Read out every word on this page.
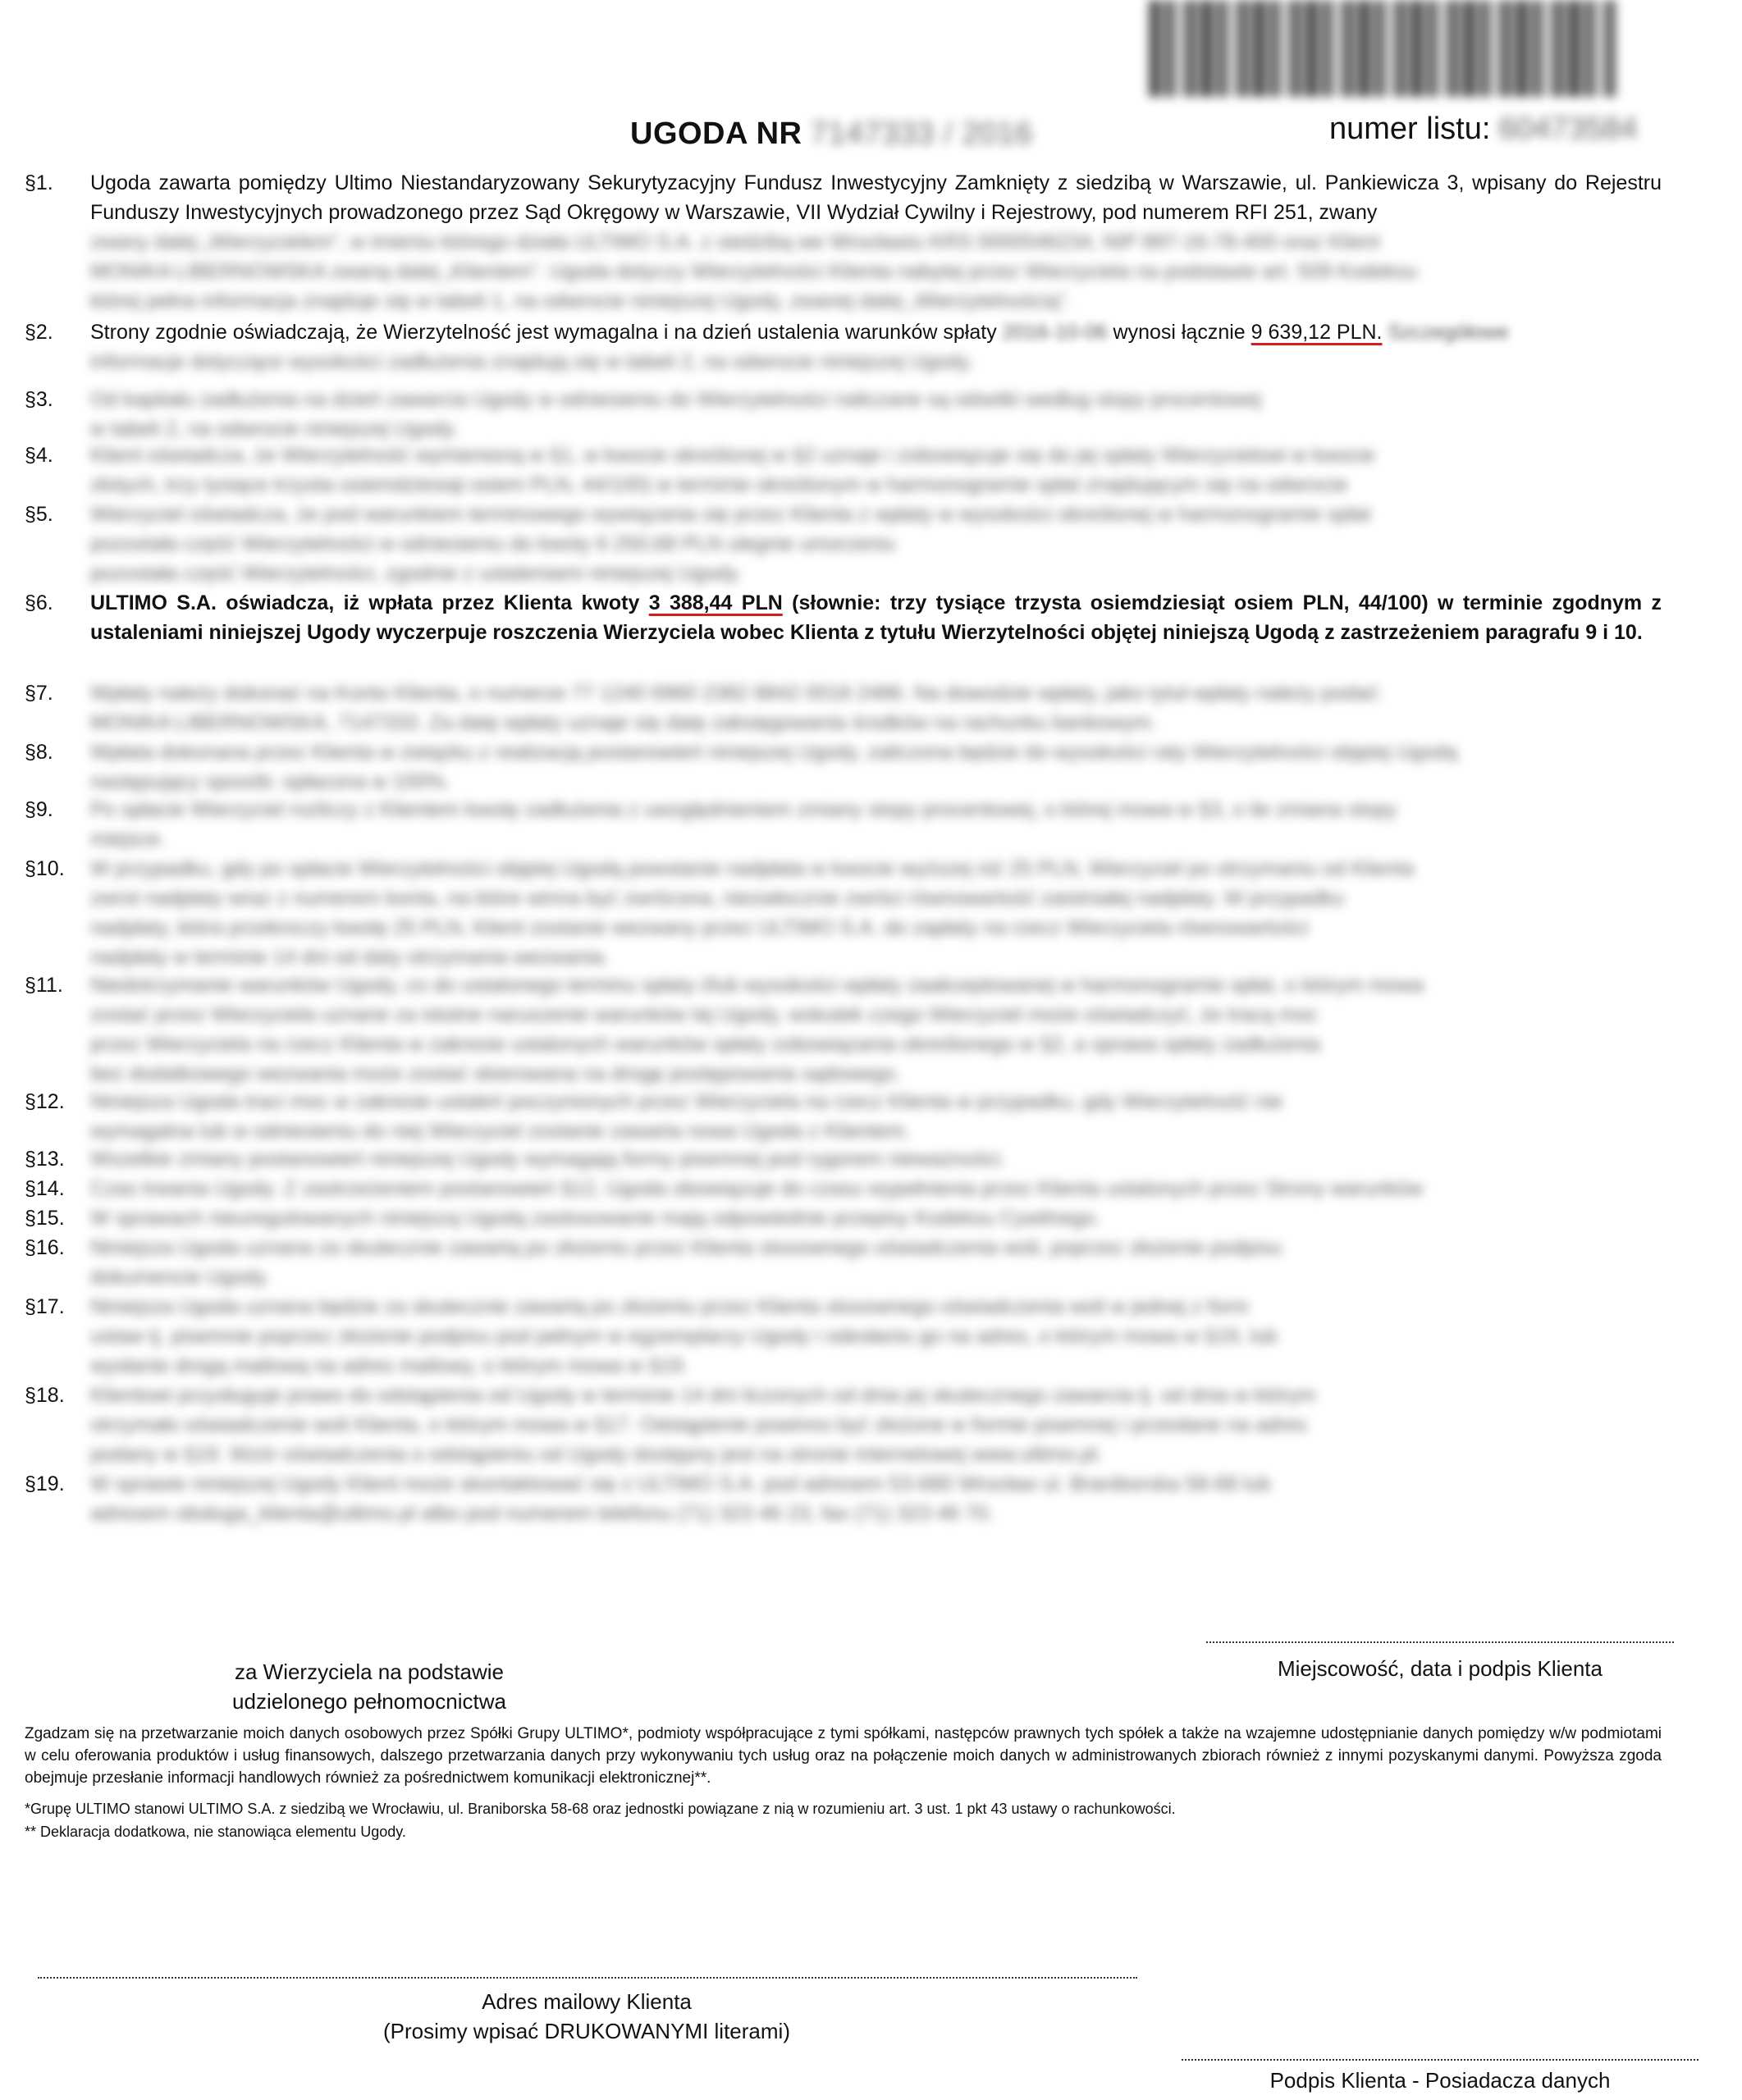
UGODA NR 7147333 / 2016	numer listu: 60473584
§1.	Ugoda zawarta pomiędzy Ultimo Niestandaryzowany Sekurytyzacyjny Fundusz Inwestycyjny Zamknięty z siedzibą w Warszawie, ul. Pankiewicza 3, wpisany do Rejestru Funduszy Inwestycyjnych prowadzonego przez Sąd Okręgowy w Warszawie, VII Wydział Cywilny i Rejestrowy, pod numerem RFI 251, zwany
zwany dalej „Wierzycielem”, w imieniu którego działa ULTIMO S.A. z siedzibą we Wrocławiu KRS 0000546234, NIP 897-16-78-400 oraz Klient
MONIKA LIBERNOWSKA zwaną dalej „Klientem”. Ugoda dotyczy Wierzytelności Klienta nabytej przez Wierzyciela na podstawie art. 509 Kodeksu
której pełna informacja znajduje się w tabeli 1, na odwrocie niniejszej Ugody, zwanej dalej „Wierzytelnością”.
§2.	Strony zgodnie oświadczają, że Wierzytelność jest wymagalna i na dzień ustalenia warunków spłaty 2016-10-06 wynosi łącznie 9 639,12 PLN. Szczegółowe
informacje dotyczące wysokości zadłużenia znajdują się w tabeli 2, na odwrocie niniejszej Ugody.
§3.	Od kapitału zadłużenia na dzień zawarcia Ugody w odniesieniu do Wierzytelności naliczane są odsetki według stopy procentowej
w tabeli 2, na odwrocie niniejszej Ugody.
§4.	Klient oświadcza, że Wierzytelność wymienioną w §1, w kwocie określonej w §2 uznaje i zobowiązuje się do jej spłaty Wierzycielowi w kwocie
złotych, trzy tysiące trzysta osiemdziesiąt osiem PLN, 44/100) w terminie określonym w harmonogramie spłat znajdującym się na odwrocie
§5.	Wierzyciel oświadcza, że pod warunkiem terminowego wywiązania się przez Klienta z wpłaty w wysokości określonej w harmonogramie spłat
pozostała część Wierzytelności w odniesieniu do kwoty 6 250,68 PLN ulegnie umorzeniu
pozostała część Wierzytelności, zgodnie z ustaleniami niniejszej Ugody.
§6.	ULTIMO S.A. oświadcza, iż wpłata przez Klienta kwoty 3 388,44 PLN (słownie: trzy tysiące trzysta osiemdziesiąt osiem PLN, 44/100) w terminie zgodnym z ustaleniami niniejszej Ugody wyczerpuje roszczenia Wierzyciela wobec Klienta z tytułu Wierzytelności objętej niniejszą Ugodą z zastrzeżeniem paragrafu 9 i 10.
§7.	Wpłaty należy dokonać na Konto Klienta, o numerze 77 1240 6960 2382 8842 0018 2486. Na dowodzie wpłaty, jako tytuł wpłaty należy podać:
MONIKA LIBERNOWSKA, 7147333. Za datę wpłaty uznaje się datę zaksięgowania środków na rachunku bankowym.
§8.	Wpłata dokonana przez Klienta w związku z realizacją postanowień niniejszej Ugody, zaliczona będzie do wysokości raty Wierzytelności objętej Ugodą
następujący sposób: opłacona w 100%.
§9.	Po spłacie Wierzyciel rozliczy z Klientem kwotę zadłużenia z uwzględnieniem zmiany stopy procentowej, o której mowa w §3, o ile zmiana stopy
miejsce.
§10.	W przypadku, gdy po spłacie Wierzytelności objętej Ugodą powstanie nadpłata w kwocie wyższej niż 25 PLN, Wierzyciel po otrzymaniu od Klienta
zwrot nadpłaty wraz z numerem konta, na które winna być zwrócona, niezwłocznie zwróci równowartość zaistniałej nadpłaty. W przypadku
nadpłaty, która przekroczy kwotę 25 PLN, Klient zostanie wezwany przez ULTIMO S.A. do zapłaty na rzecz Wierzyciela równowartości
nadpłaty w terminie 14 dni od daty otrzymania wezwania.
§11.	Niedotrzymanie warunków Ugody, co do ustalonego terminu spłaty i/lub wysokości wpłaty zaakceptowanej w harmonogramie spłat, o którym mowa
zostać przez Wierzyciela uznane za istotne naruszenie warunków tej Ugody, wskutek czego Wierzyciel może oświadczyć, że tracą moc
przez Wierzyciela na rzecz Klienta w zakresie ustalonych warunków spłaty zobowiązania określonego w §2, a sprawa spłaty zadłużenia
bez dodatkowego wezwania może zostać skierowana na drogę postępowania sądowego.
§12.	Niniejsza Ugoda traci moc w zakresie ustaleń poczynionych przez Wierzyciela na rzecz Klienta w przypadku, gdy Wierzytelność nie
wymagalna lub w odniesieniu do niej Wierzyciel zostanie zawarta nowa Ugoda z Klientem.
§13.	Wszelkie zmiany postanowień niniejszej Ugody wymagają formy pisemnej pod rygorem nieważności.
§14.	Czas trwania Ugody. Z zastrzeżeniem postanowień §12, Ugoda obowiązuje do czasu wypełnienia przez Klienta ustalonych przez Strony warunków
§15.	W sprawach nieuregulowanych niniejszą Ugodą zastosowanie mają odpowiednie przepisy Kodeksu Cywilnego.
§16.	Niniejsza Ugoda uznana za skutecznie zawartą po złożeniu przez Klienta stosownego oświadczenia woli, poprzez złożenie podpisu
dokumencie Ugody.
§17.	Niniejsza Ugoda uznana będzie za skutecznie zawartą po złożeniu przez Klienta stosownego oświadczenia woli w jednej z form
ustaw tj. pisemnie poprzez złożenie podpisu pod pełnym w egzemplarzy Ugody i odesłaniu go na adres, o którym mowa w §19, lub
wysłanie drogą mailową na adres mailowy, o którym mowa w §19.
§18.	Klientowi przysługuje prawo do odstąpienia od Ugody w terminie 14 dni liczonych od dnia jej skutecznego zawarcia tj. od dnia w którym
otrzymało oświadczenie woli Klienta, o którym mowa w §17. Odstąpienie powinno być złożone w formie pisemnej i przesłane na adres
podany w §19. Wzór oświadczenia o odstąpieniu od Ugody dostępny jest na stronie internetowej www.ultimo.pl.
§19.	W sprawie niniejszej Ugody Klient może skontaktować się z ULTIMO S.A. pod adresem 53-680 Wrocław ul. Braniborska 58-68 lub
adresem obsługa_klienta@ultimo.pl albo pod numerem telefonu (71) 323 46 23, fax (71) 323 46 70.
Miejscowość, data i podpis Klienta
za Wierzyciela na podstawie
udzielonego pełnomocnictwa
Zgadzam się na przetwarzanie moich danych osobowych przez Spółki Grupy ULTIMO*, podmioty współpracujące z tymi spółkami, następców prawnych tych spółek a także na wzajemne udostępnianie danych pomiędzy w/w podmiotami w celu oferowania produktów i usług finansowych, dalszego przetwarzania danych przy wykonywaniu tych usług oraz na połączenie moich danych w administrowanych zbiorach również z innymi pozyskanymi danymi. Powyższa zgoda obejmuje przesłanie informacji handlowych również za pośrednictwem komunikacji elektronicznej**.
*Grupę ULTIMO stanowi ULTIMO S.A. z siedzibą we Wrocławiu, ul. Braniborska 58-68 oraz jednostki powiązane z nią w rozumieniu art. 3 ust. 1 pkt 43 ustawy o rachunkowości.
** Deklaracja dodatkowa, nie stanowiąca elementu Ugody.
Adres mailowy Klienta
(Prosimy wpisać DRUKOWANYMI literami)
Podpis Klienta - Posiadacza danych
